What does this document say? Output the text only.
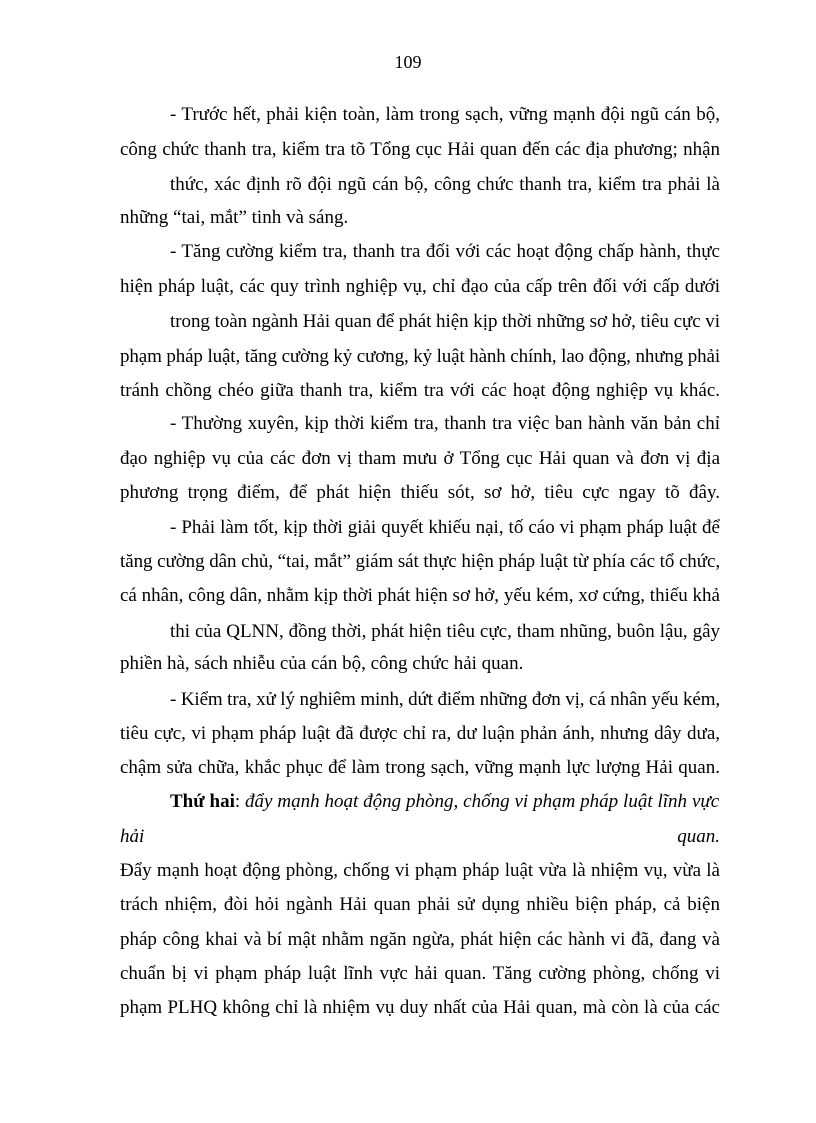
109
- Trước hết, phải kiện toàn, làm trong sạch, vững mạnh đội ngũ cán bộ,
công chức thanh tra, kiểm tra tõ Tổng cục Hải quan đến các địa phương; nhận
thức, xác định rõ đội ngũ cán bộ, công chức thanh tra, kiểm tra phải là
những “tai, mắt” tinh và sáng.
- Tăng cường kiểm tra, thanh tra đối với các hoạt động chấp hành, thực
hiện pháp luật, các quy trình nghiệp vụ, chỉ đạo của cấp trên đối với cấp dưới
trong toàn ngành Hải quan để phát hiện kịp thời những sơ hở, tiêu cực vi
phạm pháp luật, tăng cường kỷ cương, kỷ luật hành chính, lao động, nhưng phải
tránh chồng chéo giữa thanh tra, kiểm tra với các hoạt động nghiệp vụ khác.
- Thường xuyên, kịp thời kiểm tra, thanh tra việc ban hành văn bản chỉ
đạo nghiệp vụ của các đơn vị tham mưu ở Tổng cục Hải quan và đơn vị địa
phương trọng điểm, để phát hiện thiếu sót, sơ hở, tiêu cực ngay tõ đây.
- Phải làm tốt, kịp thời giải quyết khiếu nại, tố cáo vi phạm pháp luật để
tăng cường dân chủ, “tai, mắt” giám sát thực hiện pháp luật từ phía các tổ chức,
cá nhân, công dân, nhằm kịp thời phát hiện sơ hở, yếu kém, xơ cứng, thiếu khả
thi của QLNN, đồng thời, phát hiện tiêu cực, tham nhũng, buôn lậu, gây
phiền hà, sách nhiễu của cán bộ, công chức hải quan.
- Kiểm tra, xử lý nghiêm minh, dứt điểm những đơn vị, cá nhân yếu kém,
tiêu cực, vi phạm pháp luật đã được chỉ ra, dư luận phản ánh, nhưng dây dưa,
chậm sửa chữa, khắc phục để làm trong sạch, vững mạnh lực lượng Hải quan.
Thứ hai: đẩy mạnh hoạt động phòng, chống vi phạm pháp luật lĩnh vực
hải	quan.
Đẩy mạnh hoạt động phòng, chống vi phạm pháp luật vừa là nhiệm vụ, vừa là
trách nhiệm, đòi hỏi ngành Hải quan phải sử dụng nhiều biện pháp, cả biện
pháp công khai và bí mật nhằm ngăn ngừa, phát hiện các hành vi đã, đang và
chuẩn bị vi phạm pháp luật lĩnh vực hải quan. Tăng cường phòng, chống vi
phạm PLHQ không chỉ là nhiệm vụ duy nhất của Hải quan, mà còn là của các
